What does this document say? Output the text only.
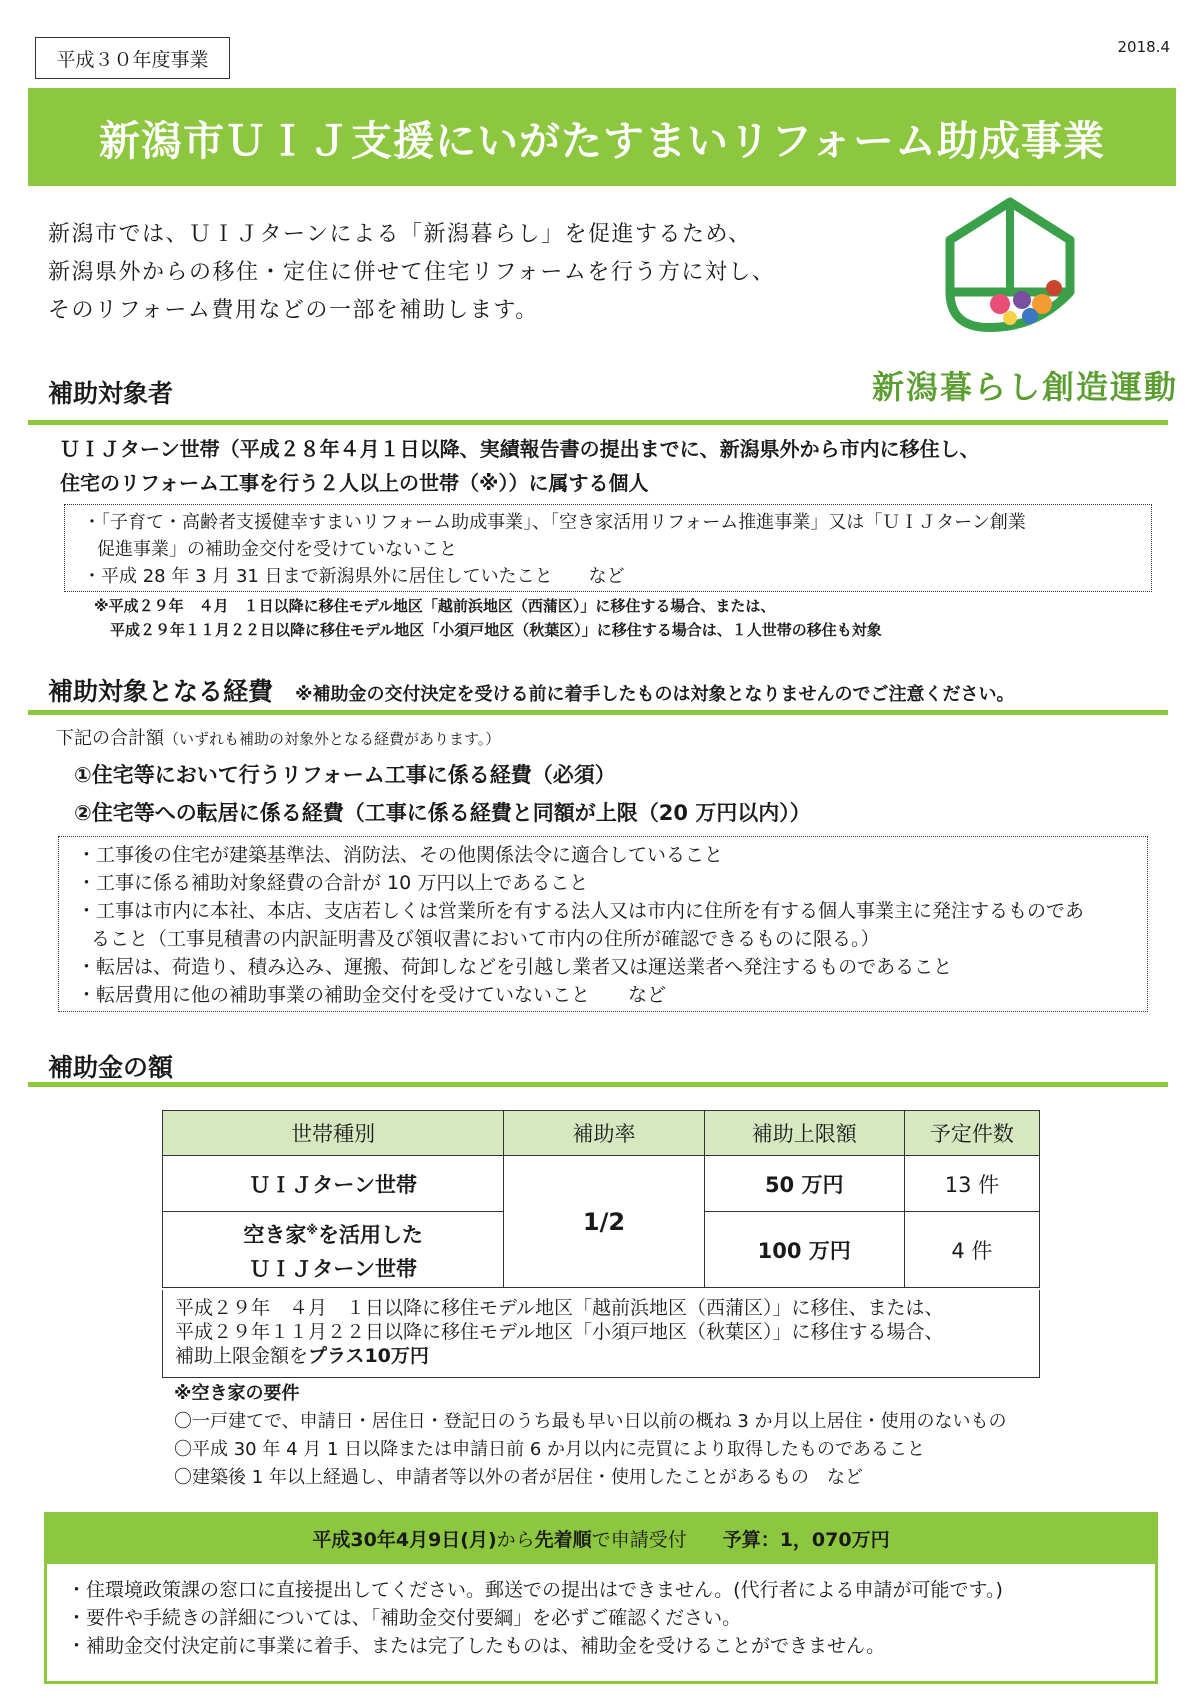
平成３０年度事業
2018.4
新潟市ＵＩＪ支援にいがたすまいリフォーム助成事業
新潟市では、ＵＩＪターンによる「新潟暮らし」を促進するため、
新潟県外からの移住・定住に併せて住宅リフォームを行う方に対し、
そのリフォーム費用などの一部を補助します。
新潟暮らし創造運動
補助対象者
ＵＩＪターン世帯（平成２８年４月１日以降、実績報告書の提出までに、新潟県外から市内に移住し、
住宅のリフォーム工事を行う２人以上の世帯（※））に属する個人
・「子育て・高齢者支援健幸すまいリフォーム助成事業」、「空き家活用リフォーム推進事業」又は「ＵＩＪターン創業
促進事業」の補助金交付を受けていないこと
・平成 28 年 3 月 31 日まで新潟県外に居住していたこと　　など
※平成２９年　４月　１日以降に移住モデル地区「越前浜地区（西蒲区）」に移住する場合、または、
平成２９年１１月２２日以降に移住モデル地区「小須戸地区（秋葉区）」に移住する場合は、１人世帯の移住も対象
補助対象となる経費 ※補助金の交付決定を受ける前に着手したものは対象となりませんのでご注意ください。
下記の合計額（いずれも補助の対象外となる経費があります。）
①住宅等において行うリフォーム工事に係る経費（必須）
②住宅等への転居に係る経費（工事に係る経費と同額が上限（20 万円以内））
・工事後の住宅が建築基準法、消防法、その他関係法令に適合していること
・工事に係る補助対象経費の合計が 10 万円以上であること
・工事は市内に本社、本店、支店若しくは営業所を有する法人又は市内に住所を有する個人事業主に発注するものであ
ること（工事見積書の内訳証明書及び領収書において市内の住所が確認できるものに限る。）
・転居は、荷造り、積み込み、運搬、荷卸しなどを引越し業者又は運送業者へ発注するものであること
・転居費用に他の補助事業の補助金交付を受けていないこと　　など
補助金の額
世帯種別	補助率	補助上限額	予定件数
ＵＩＪターン世帯	1/2	50 万円	13 件

空き家※を活用した
ＵＩＪターン世帯		100 万円	4 件
平成２９年　４月　１日以降に移住モデル地区「越前浜地区（西蒲区）」に移住、または、
平成２９年１１月２２日以降に移住モデル地区「小須戸地区（秋葉区）」に移住する場合、
補助上限金額をプラス10万円
※空き家の要件
〇一戸建てで、申請日・居住日・登記日のうち最も早い日以前の概ね 3 か月以上居住・使用のないもの
〇平成 30 年 4 月 1 日以降または申請日前 6 か月以内に売買により取得したものであること
〇建築後 1 年以上経過し、申請者等以外の者が居住・使用したことがあるもの　など
平成30年4月9日(月) から 先着順 で申請受付 予算：1，070万円
・住環境政策課の窓口に直接提出してください。郵送での提出はできません。(代行者による申請が可能です。)
・要件や手続きの詳細については、「補助金交付要綱」を必ずご確認ください。
・補助金交付決定前に事業に着手、または完了したものは、補助金を受けることができません。
